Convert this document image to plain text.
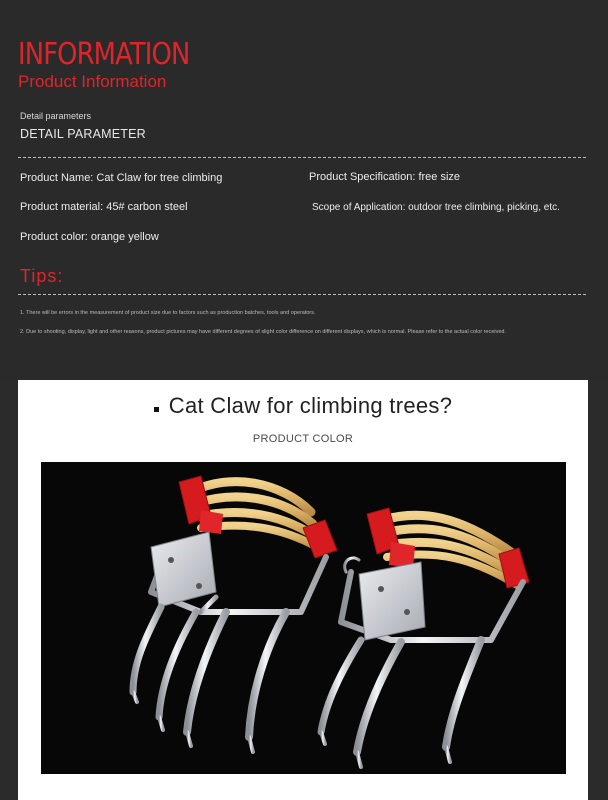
INFORMATION
Product Information
Detail parameters
DETAIL PARAMETER
Product Name: Cat Claw for tree climbing
Product material: 45# carbon steel
Product color: orange yellow
Product Specification: free size
Scope of Application: outdoor tree climbing, picking, etc.
Tips:
1. There will be errors in the measurement of product size due to factors such as production batches, tools and operators.
2. Due to shooting, display, light and other reasons, product pictures may have different degrees of slight color difference on different displays, which is normal. Please refer to the actual color received.
Cat Claw for climbing trees?
PRODUCT COLOR
